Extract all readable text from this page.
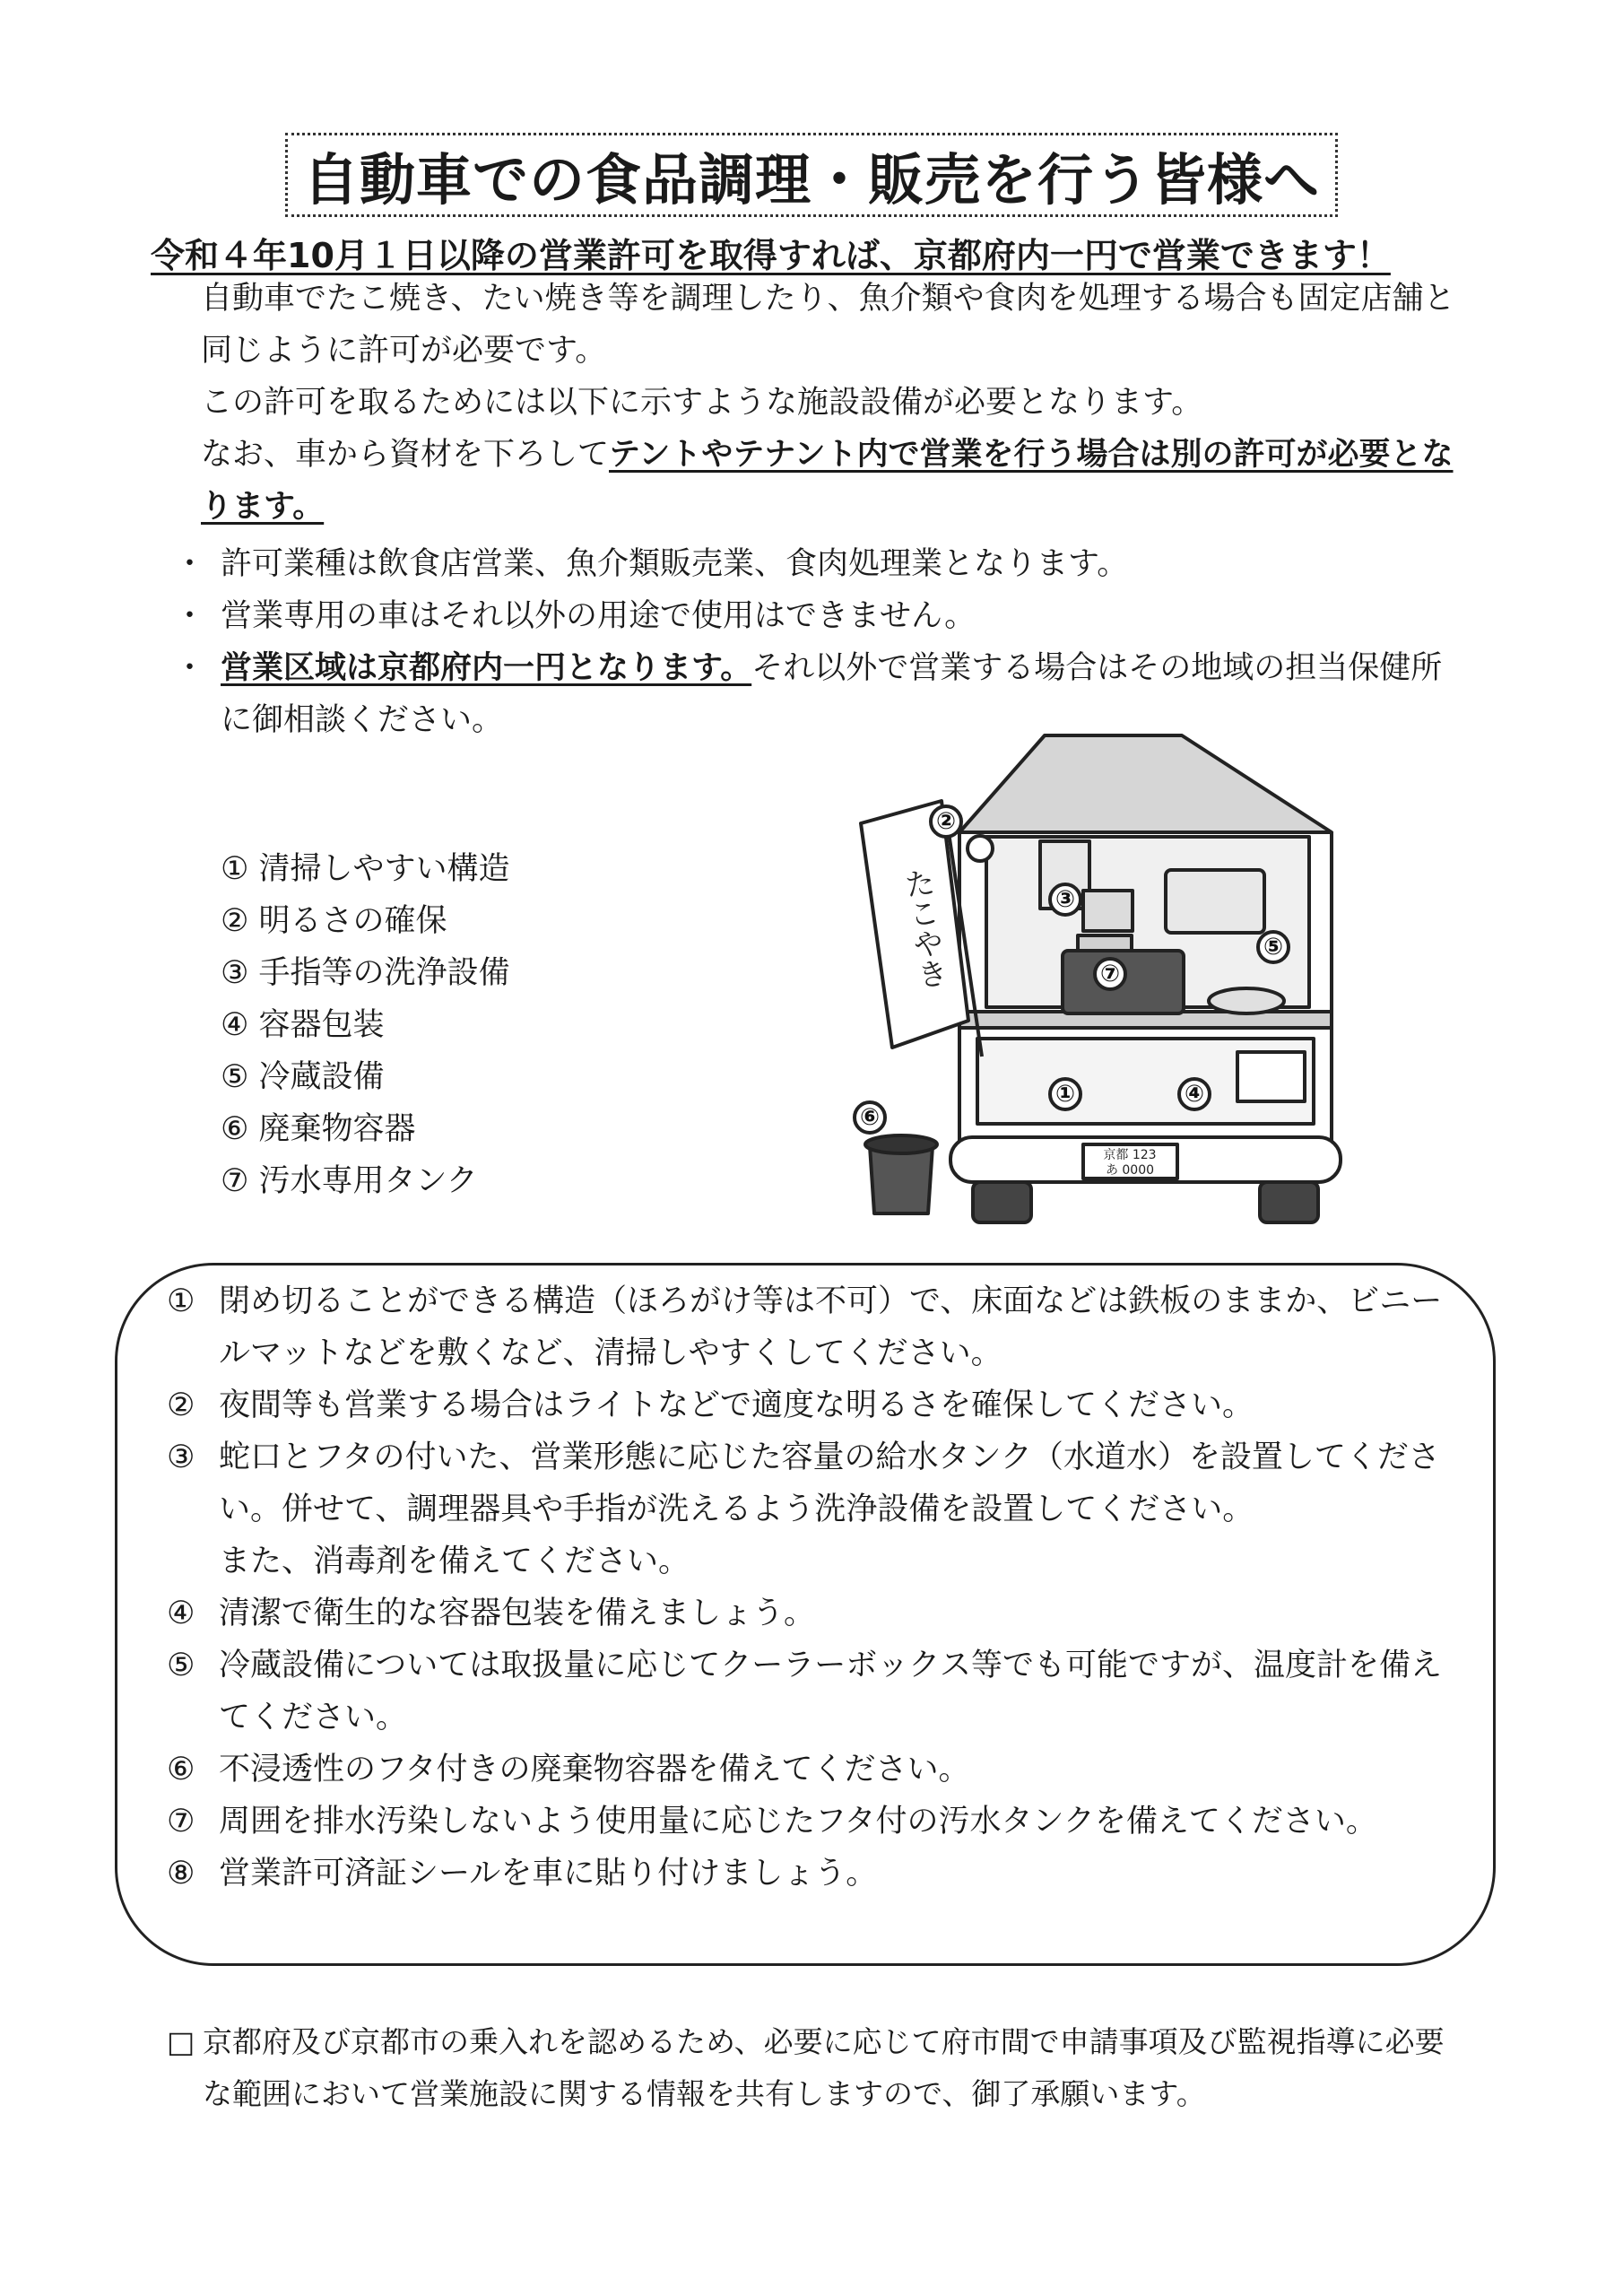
自動車での食品調理・販売を行う皆様へ
令和４年10月１日以降の営業許可を取得すれば、京都府内一円で営業できます！
自動車でたこ焼き、たい焼き等を調理したり、魚介類や食肉を処理する場合も固定店舗と同じように許可が必要です。
この許可を取るためには以下に示すような施設設備が必要となります。
なお、車から資材を下ろしてテントやテナント内で営業を行う場合は別の許可が必要となります。
・ 許可業種は飲食店営業、魚介類販売業、食肉処理業となります。
・ 営業専用の車はそれ以外の用途で使用はできません。
・ 営業区域は京都府内一円となります。それ以外で営業する場合はその地域の担当保健所に御相談ください。
① 清掃しやすい構造
② 明るさの確保
③ 手指等の洗浄設備
④ 容器包装
⑤ 冷蔵設備
⑥ 廃棄物容器
⑦ 汚水専用タンク
たこやき
京都 123
あ 0000
①
②
③
④
⑤
⑥
⑦
① 閉め切ることができる構造（ほろがけ等は不可）で、床面などは鉄板のままか、ビニールマットなどを敷くなど、清掃しやすくしてください。
② 夜間等も営業する場合はライトなどで適度な明るさを確保してください。
③ 蛇口とフタの付いた、営業形態に応じた容量の給水タンク（水道水）を設置してください。併せて、調理器具や手指が洗えるよう洗浄設備を設置してください。
また、消毒剤を備えてください。
④ 清潔で衛生的な容器包装を備えましょう。
⑤ 冷蔵設備については取扱量に応じてクーラーボックス等でも可能ですが、温度計を備えてください。
⑥ 不浸透性のフタ付きの廃棄物容器を備えてください。
⑦ 周囲を排水汚染しないよう使用量に応じたフタ付の汚水タンクを備えてください。
⑧ 営業許可済証シールを車に貼り付けましょう。
□ 京都府及び京都市の乗入れを認めるため、必要に応じて府市間で申請事項及び監視指導に必要な範囲において営業施設に関する情報を共有しますので、御了承願います。
